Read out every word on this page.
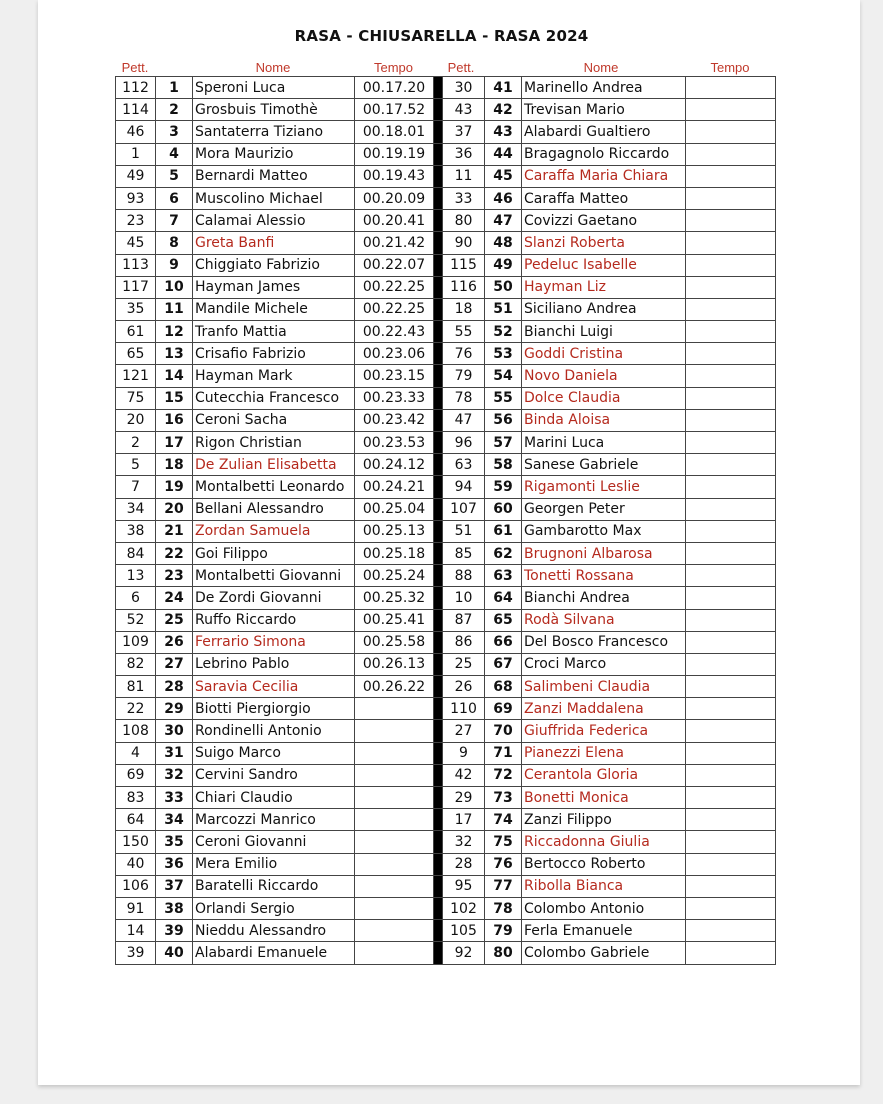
RASA - CHIUSARELLA - RASA 2024
Pett.	Nome	Tempo	Pett.	Nome	Tempo
112	1	Speroni Luca	00.17.20		30	41	Marinello Andrea	
114	2	Grosbuis Timothè	00.17.52		43	42	Trevisan Mario	
46	3	Santaterra Tiziano	00.18.01		37	43	Alabardi Gualtiero	
1	4	Mora Maurizio	00.19.19		36	44	Bragagnolo Riccardo	
49	5	Bernardi Matteo	00.19.43		11	45	Caraffa Maria Chiara	
93	6	Muscolino Michael	00.20.09		33	46	Caraffa Matteo	
23	7	Calamai Alessio	00.20.41		80	47	Covizzi Gaetano	
45	8	Greta Banfi	00.21.42		90	48	Slanzi Roberta	
113	9	Chiggiato Fabrizio	00.22.07		115	49	Pedeluc Isabelle	
117	10	Hayman James	00.22.25		116	50	Hayman Liz	
35	11	Mandile Michele	00.22.25		18	51	Siciliano Andrea	
61	12	Tranfo Mattia	00.22.43		55	52	Bianchi Luigi	
65	13	Crisafio Fabrizio	00.23.06		76	53	Goddi Cristina	
121	14	Hayman Mark	00.23.15		79	54	Novo Daniela	
75	15	Cutecchia Francesco	00.23.33		78	55	Dolce Claudia	
20	16	Ceroni Sacha	00.23.42		47	56	Binda Aloisa	
2	17	Rigon Christian	00.23.53		96	57	Marini Luca	
5	18	De Zulian Elisabetta	00.24.12		63	58	Sanese Gabriele	
7	19	Montalbetti Leonardo	00.24.21		94	59	Rigamonti Leslie	
34	20	Bellani Alessandro	00.25.04		107	60	Georgen Peter	
38	21	Zordan Samuela	00.25.13		51	61	Gambarotto Max	
84	22	Goi Filippo	00.25.18		85	62	Brugnoni Albarosa	
13	23	Montalbetti Giovanni	00.25.24		88	63	Tonetti Rossana	
6	24	De Zordi Giovanni	00.25.32		10	64	Bianchi Andrea	
52	25	Ruffo Riccardo	00.25.41		87	65	Rodà Silvana	
109	26	Ferrario Simona	00.25.58		86	66	Del Bosco Francesco	
82	27	Lebrino Pablo	00.26.13		25	67	Croci Marco	
81	28	Saravia Cecilia	00.26.22		26	68	Salimbeni Claudia	
22	29	Biotti Piergiorgio			110	69	Zanzi Maddalena	
108	30	Rondinelli Antonio			27	70	Giuffrida Federica	
4	31	Suigo Marco			9	71	Pianezzi Elena	
69	32	Cervini Sandro			42	72	Cerantola Gloria	
83	33	Chiari Claudio			29	73	Bonetti Monica	
64	34	Marcozzi Manrico			17	74	Zanzi Filippo	
150	35	Ceroni Giovanni			32	75	Riccadonna Giulia	
40	36	Mera Emilio			28	76	Bertocco Roberto	
106	37	Baratelli Riccardo			95	77	Ribolla Bianca	
91	38	Orlandi Sergio			102	78	Colombo Antonio	
14	39	Nieddu Alessandro			105	79	Ferla Emanuele	
39	40	Alabardi Emanuele			92	80	Colombo Gabriele	
